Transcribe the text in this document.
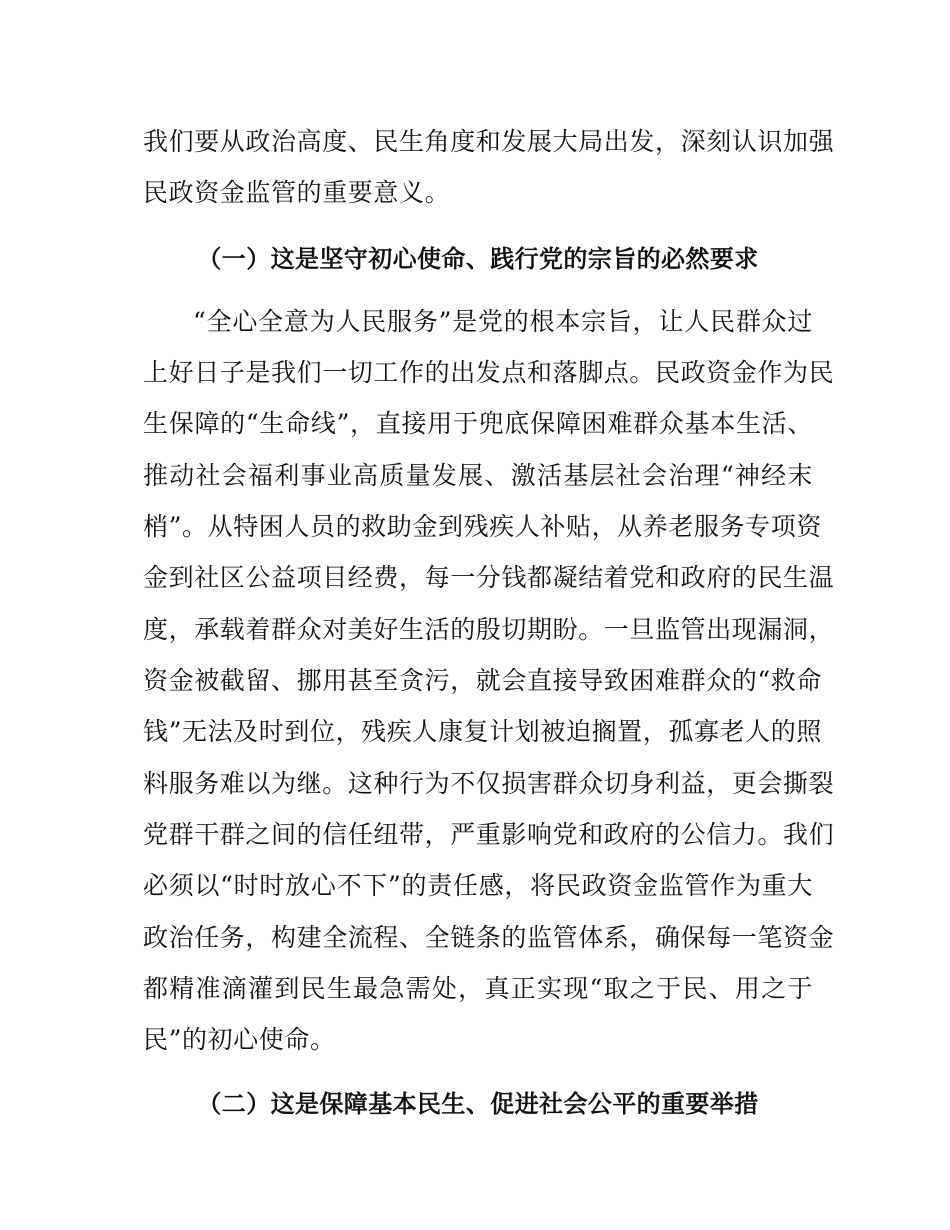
我们要从政治高度、民生角度和发展大局出发，深刻认识加强
民政资金监管的重要意义。
（一）这是坚守初心使命、践行党的宗旨的必然要求
“全心全意为人民服务”是党的根本宗旨，让人民群众过
上好日子是我们一切工作的出发点和落脚点。民政资金作为民
生保障的“生命线”，直接用于兜底保障困难群众基本生活、
推动社会福利事业高质量发展、激活基层社会治理“神经末
梢”。从特困人员的救助金到残疾人补贴，从养老服务专项资
金到社区公益项目经费，每一分钱都凝结着党和政府的民生温
度，承载着群众对美好生活的殷切期盼。一旦监管出现漏洞，
资金被截留、挪用甚至贪污，就会直接导致困难群众的“救命
钱”无法及时到位，残疾人康复计划被迫搁置，孤寡老人的照
料服务难以为继。这种行为不仅损害群众切身利益，更会撕裂
党群干群之间的信任纽带，严重影响党和政府的公信力。我们
必须以“时时放心不下”的责任感，将民政资金监管作为重大
政治任务，构建全流程、全链条的监管体系，确保每一笔资金
都精准滴灌到民生最急需处，真正实现“取之于民、用之于
民”的初心使命。
（二）这是保障基本民生、促进社会公平的重要举措
